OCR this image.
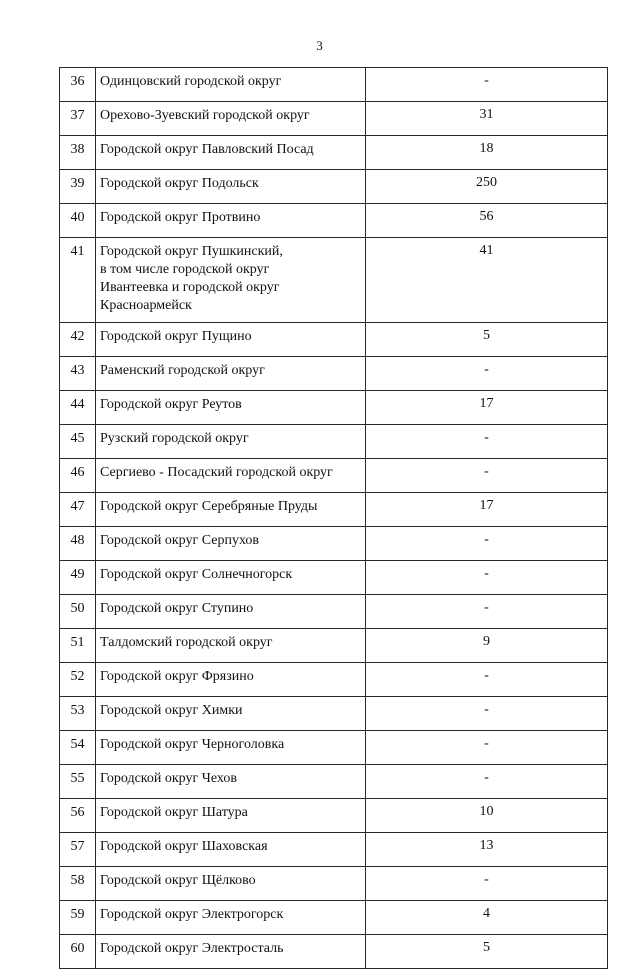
3
36	Одинцовский городской округ	-
37	Орехово-Зуевский городской округ	31
38	Городской округ Павловский Посад	18
39	Городской округ Подольск	250
40	Городской округ Протвино	56
41	Городской округ Пушкинский,
в том числе городской округ
Ивантеевка и городской округ
Красноармейск	41
42	Городской округ Пущино	5
43	Раменский городской округ	-
44	Городской округ Реутов	17
45	Рузский городской округ	-
46	Сергиево - Посадский городской округ	-
47	Городской округ Серебряные Пруды	17
48	Городской округ Серпухов	-
49	Городской округ Солнечногорск	-
50	Городской округ Ступино	-
51	Талдомский городской округ	9
52	Городской округ Фрязино	-
53	Городской округ Химки	-
54	Городской округ Черноголовка	-
55	Городской округ Чехов	-
56	Городской округ Шатура	10
57	Городской округ Шаховская	13
58	Городской округ Щёлково	-
59	Городской округ Электрогорск	4
60	Городской округ Электросталь	5
